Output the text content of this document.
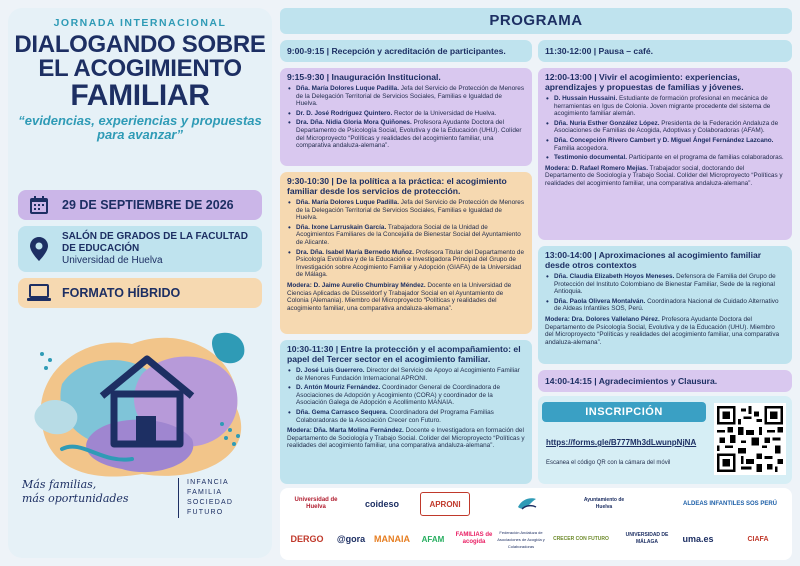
JORNADA INTERNACIONAL
DIALOGANDO SOBRE
EL ACOGIMIENTO
FAMILIAR
“evidencias, experiencias y propuestas para avanzar”
29 DE SEPTIEMBRE DE 2026
SALÓN DE GRADOS DE LA FACULTAD
DE EDUCACIÓN
Universidad de Huelva
FORMATO HÍBRIDO
Más familias,
más oportunidades
INFANCIA
FAMILIA
SOCIEDAD
FUTURO
PROGRAMA
9:00-9:15 | Recepción y acreditación de participantes.
9:15-9:30 | Inauguración Institucional.
• Dña. María Dolores Luque Padilla. Jefa del Servicio de Protección de Menores de la Delegación Territorial de Servicios Sociales, Familias e Igualdad de Huelva.
• Dr. D. José Rodríguez Quintero. Rector de la Universidad de Huelva.
• Dra. Dña. Nidia Gloria Mora Quiñones. Profesora Ayudante Doctora del Departamento de Psicología Social, Evolutiva y de la Educación (UHU). Colíder del Microproyecto “Políticas y realidades del acogimiento familiar, una comparativa andaluza-alemana”.
9:30-10:30 | De la política a la práctica: el acogimiento familiar desde los servicios de protección.
• Dña. María Dolores Luque Padilla. Jefa del Servicio de Protección de Menores de la Delegación Territorial de Servicios Sociales, Familias e Igualdad de Huelva.
• Dña. Ixone Larruskain García. Trabajadora Social de la Unidad de Acogimientos Familiares de la Concejalía de Bienestar Social del Ayuntamiento de Alicante.
• Dra. Dña. Isabel María Bernedo Muñoz. Profesora Titular del Departamento de Psicología Evolutiva y de la Educación e Investigadora Principal del Grupo de Investigación sobre Acogimiento Familiar y Adopción (GIAFA) de la Universidad de Málaga.
Modera: D. Jaime Aurelio Chumbiray Méndez. Docente en la Universidad de Ciencias Aplicadas de Düsseldorf y Trabajador Social en el Ayuntamiento de Colonia (Alemania). Miembro del Microproyecto “Políticas y realidades del acogimiento familiar, una comparativa andaluza-alemana”.
10:30-11:30 | Entre la protección y el acompañamiento: el papel del Tercer sector en el acogimiento familiar.
• D. José Luis Guerrero. Director del Servicio de Apoyo al Acogimiento Familiar de Menores Fundación Internacional APRONI.
• D. Antón Mouriz Fernández. Coordinador General de Coordinadora de Asociaciones de Adopción y Acogimiento (CORA) y coordinador de la Asociación Galega de Adopción e Acollimento MANAIA.
• Dña. Gema Carrasco Sequera. Coordinadora del Programa Familias Colaboradoras de la Asociación Crecer con Futuro.
Modera: Dña. Marta Molina Fernández. Docente e Investigadora en formación del Departamento de Sociología y Trabajo Social. Colíder del Microproyecto “Políticas y realidades del acogimiento familiar, una comparativa andaluza-alemana”.
11:30-12:00 | Pausa – café.
12:00-13:00 | Vivir el acogimiento: experiencias, aprendizajes y propuestas de familias y jóvenes.
• D. Hussain Hussaini. Estudiante de formación profesional en mecánica de herramientas en Igus de Colonia. Joven migrante procedente del sistema de acogimiento familiar alemán.
• Dña. Nuria Esther González López. Presidenta de la Federación Andaluza de Asociaciones de Familias de Acogida, Adoptivas y Colaboradoras (AFAM).
• Dña. Concepción Rivero Cambert y D. Miguel Ángel Fernández Lazcano. Familia acogedora.
• Testimonio documental. Participante en el programa de familias colaboradoras.
Modera: D. Rafael Romero Mejías. Trabajador social, doctorando del Departamento de Sociología y Trabajo Social. Colíder del Microproyecto “Políticas y realidades del acogimiento familiar, una comparativa andaluza-alemana”.
13:00-14:00 | Aproximaciones al acogimiento familiar desde otros contextos
• Dña. Claudia Elizabeth Hoyos Meneses. Defensora de Familia del Grupo de Protección del Instituto Colombiano de Bienestar Familiar, Sede de la regional Antioquia.
• Dña. Paola Olivera Montalván. Coordinadora Nacional de Cuidado Alternativo de Aldeas Infantiles SOS, Perú.
Modera: Dra. Dolores Vallelano Pérez. Profesora Ayudante Doctora del Departamento de Psicología Social, Evolutiva y de la Educación (UHU). Miembro del Microproyecto “Políticas y realidades del acogimiento familiar, una comparativa andaluza-alemana”.
14:00-14:15 | Agradecimientos y Clausura.
INSCRIPCIÓN
https://forms.gle/B777Mh3dLwunpNjNA
Escanea el código QR con la cámara del móvil
Universidad de Huelva	coideso	APRONI	Ayuntamiento de Huelva
ALDEAS INFANTILES SOS PERÚ
DERGO @gora MANAIA AFAM FAMILIAS de acogida
Federación Andaluza de Asociaciones de Acogida y Colaboradoras
CRECER CON FUTURO
UNIVERSIDAD DE MÁLAGA	uma.es	CIAFA
